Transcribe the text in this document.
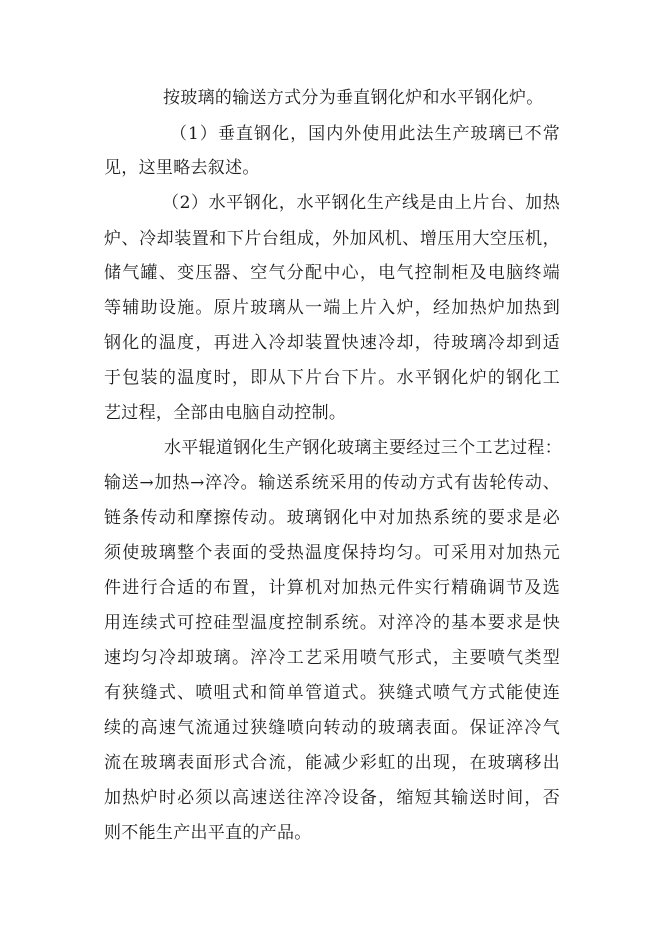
按玻璃的输送方式分为垂直钢化炉和水平钢化炉。
（1）垂直钢化，国内外使用此法生产玻璃已不常
见，这里略去叙述。
（2）水平钢化，水平钢化生产线是由上片台、加热
炉、冷却装置和下片台组成，外加风机、增压用大空压机，
储气罐、变压器、空气分配中心，电气控制柜及电脑终端
等辅助设施。原片玻璃从一端上片入炉，经加热炉加热到
钢化的温度，再进入冷却装置快速冷却，待玻璃冷却到适
于包装的温度时，即从下片台下片。水平钢化炉的钢化工
艺过程，全部由电脑自动控制。
水平辊道钢化生产钢化玻璃主要经过三个工艺过程：
输送→加热→淬冷。输送系统采用的传动方式有齿轮传动、
链条传动和摩擦传动。玻璃钢化中对加热系统的要求是必
须使玻璃整个表面的受热温度保持均匀。可采用对加热元
件进行合适的布置，计算机对加热元件实行精确调节及选
用连续式可控硅型温度控制系统。对淬冷的基本要求是快
速均匀冷却玻璃。淬冷工艺采用喷气形式，主要喷气类型
有狭缝式、喷咀式和简单管道式。狭缝式喷气方式能使连
续的高速气流通过狭缝喷向转动的玻璃表面。保证淬冷气
流在玻璃表面形式合流，能减少彩虹的出现，在玻璃移出
加热炉时必须以高速送往淬冷设备，缩短其输送时间，否
则不能生产出平直的产品。
